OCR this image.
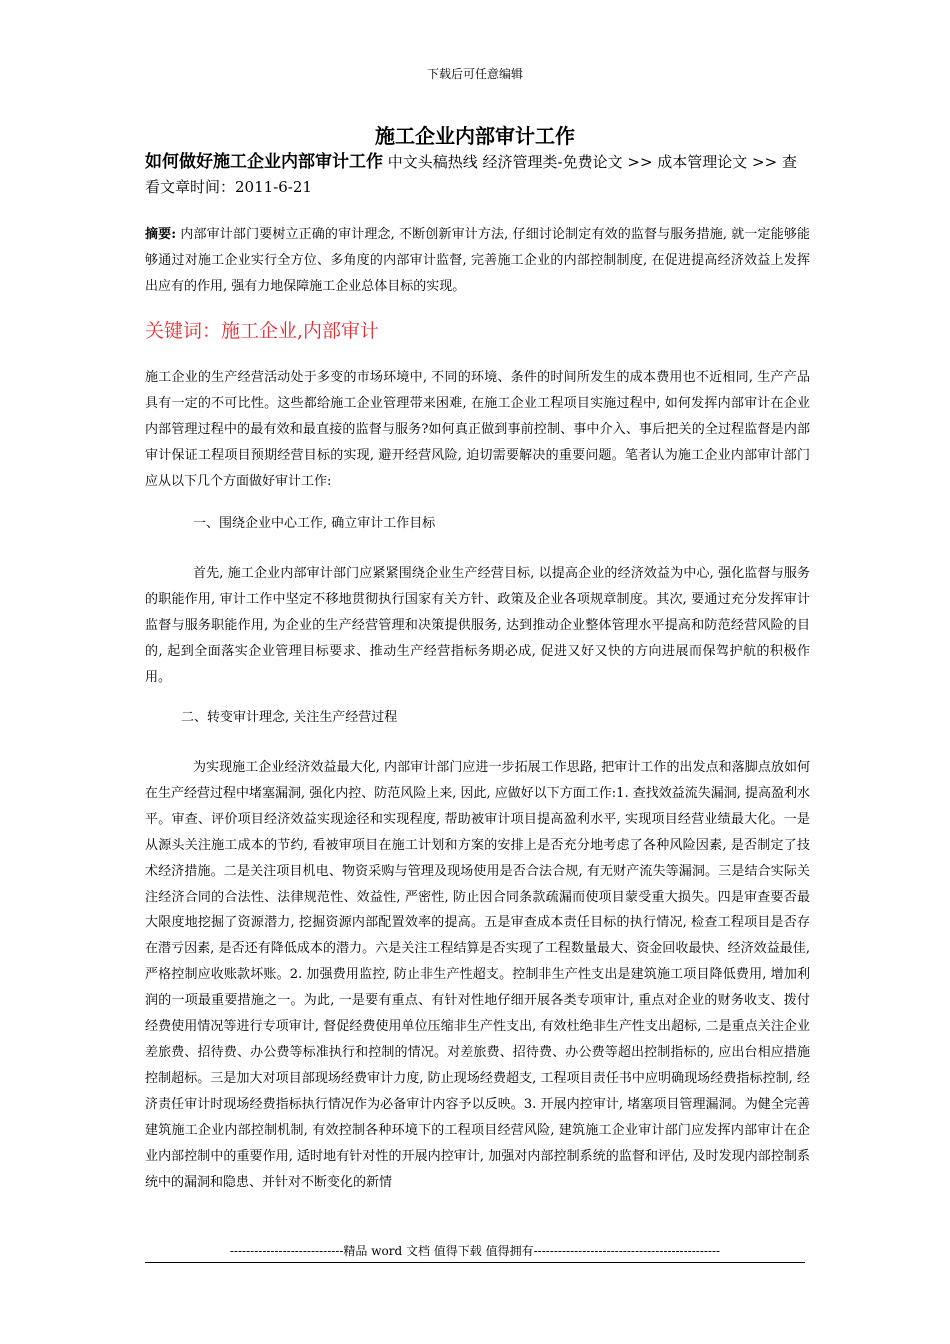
下载后可任意编辑
施工企业内部审计工作
如何做好施工企业内部审计工作 中文头稿热线 经济管理类-免费论文 >> 成本管理论文 >> 查看文章时间：2011-6-21
摘要: 内部审计部门要树立正确的审计理念, 不断创新审计方法, 仔细讨论制定有效的监督与服务措施, 就一定能够能够通过对施工企业实行全方位、多角度的内部审计监督, 完善施工企业的内部控制制度, 在促进提高经济效益上发挥出应有的作用, 强有力地保障施工企业总体目标的实现。
关键词：施工企业,内部审计
施工企业的生产经营活动处于多变的市场环境中, 不同的环境、条件的时间所发生的成本费用也不近相同, 生产产品具有一定的不可比性。这些都给施工企业管理带来困难, 在施工企业工程项目实施过程中, 如何发挥内部审计在企业内部管理过程中的最有效和最直接的监督与服务?如何真正做到事前控制、事中介入、事后把关的全过程监督是内部审计保证工程项目预期经营目标的实现, 避开经营风险, 迫切需要解决的重要问题。笔者认为施工企业内部审计部门应从以下几个方面做好审计工作:
一、围绕企业中心工作, 确立审计工作目标
首先, 施工企业内部审计部门应紧紧围绕企业生产经营目标, 以提高企业的经济效益为中心, 强化监督与服务的职能作用, 审计工作中坚定不移地贯彻执行国家有关方针、政策及企业各项规章制度。其次, 要通过充分发挥审计监督与服务职能作用, 为企业的生产经营管理和决策提供服务, 达到推动企业整体管理水平提高和防范经营风险的目的, 起到全面落实企业管理目标要求、推动生产经营指标务期必成, 促进又好又快的方向进展而保驾护航的积极作用。
二、转变审计理念, 关注生产经营过程
为实现施工企业经济效益最大化, 内部审计部门应进一步拓展工作思路, 把审计工作的出发点和落脚点放如何在生产经营过程中堵塞漏洞, 强化内控、防范风险上来, 因此, 应做好以下方面工作:1. 查找效益流失漏洞, 提高盈利水平。审查、评价项目经济效益实现途径和实现程度, 帮助被审计项目提高盈利水平, 实现项目经营业绩最大化。一是从源头关注施工成本的节约, 看被审项目在施工计划和方案的安排上是否充分地考虑了各种风险因素, 是否制定了技术经济措施。二是关注项目机电、物资采购与管理及现场使用是否合法合规, 有无财产流失等漏洞。三是结合实际关注经济合同的合法性、法律规范性、效益性, 严密性, 防止因合同条款疏漏而使项目蒙受重大损失。四是审查要否最大限度地挖掘了资源潜力, 挖掘资源内部配置效率的提高。五是审查成本责任目标的执行情况, 检查工程项目是否存在潜亏因素, 是否还有降低成本的潜力。六是关注工程结算是否实现了工程数量最大、资金回收最快、经济效益最佳, 严格控制应收账款坏账。2. 加强费用监控, 防止非生产性超支。控制非生产性支出是建筑施工项目降低费用, 增加利润的一项最重要措施之一。为此, 一是要有重点、有针对性地仔细开展各类专项审计, 重点对企业的财务收支、拨付经费使用情况等进行专项审计, 督促经费使用单位压缩非生产性支出, 有效杜绝非生产性支出超标, 二是重点关注企业差旅费、招待费、办公费等标准执行和控制的情况。对差旅费、招待费、办公费等超出控制指标的, 应出台相应措施控制超标。三是加大对项目部现场经费审计力度, 防止现场经费超支, 工程项目责任书中应明确现场经费指标控制, 经济责任审计时现场经费指标执行情况作为必备审计内容予以反映。3. 开展内控审计, 堵塞项目管理漏洞。为健全完善建筑施工企业内部控制机制, 有效控制各种环境下的工程项目经营风险, 建筑施工企业审计部门应发挥内部审计在企业内部控制中的重要作用, 适时地有针对性的开展内控审计, 加强对内部控制系统的监督和评估, 及时发现内部控制系统中的漏洞和隐患、并针对不断变化的新情
----------------------------精品 word 文档 值得下载 值得拥有----------------------------------------------
